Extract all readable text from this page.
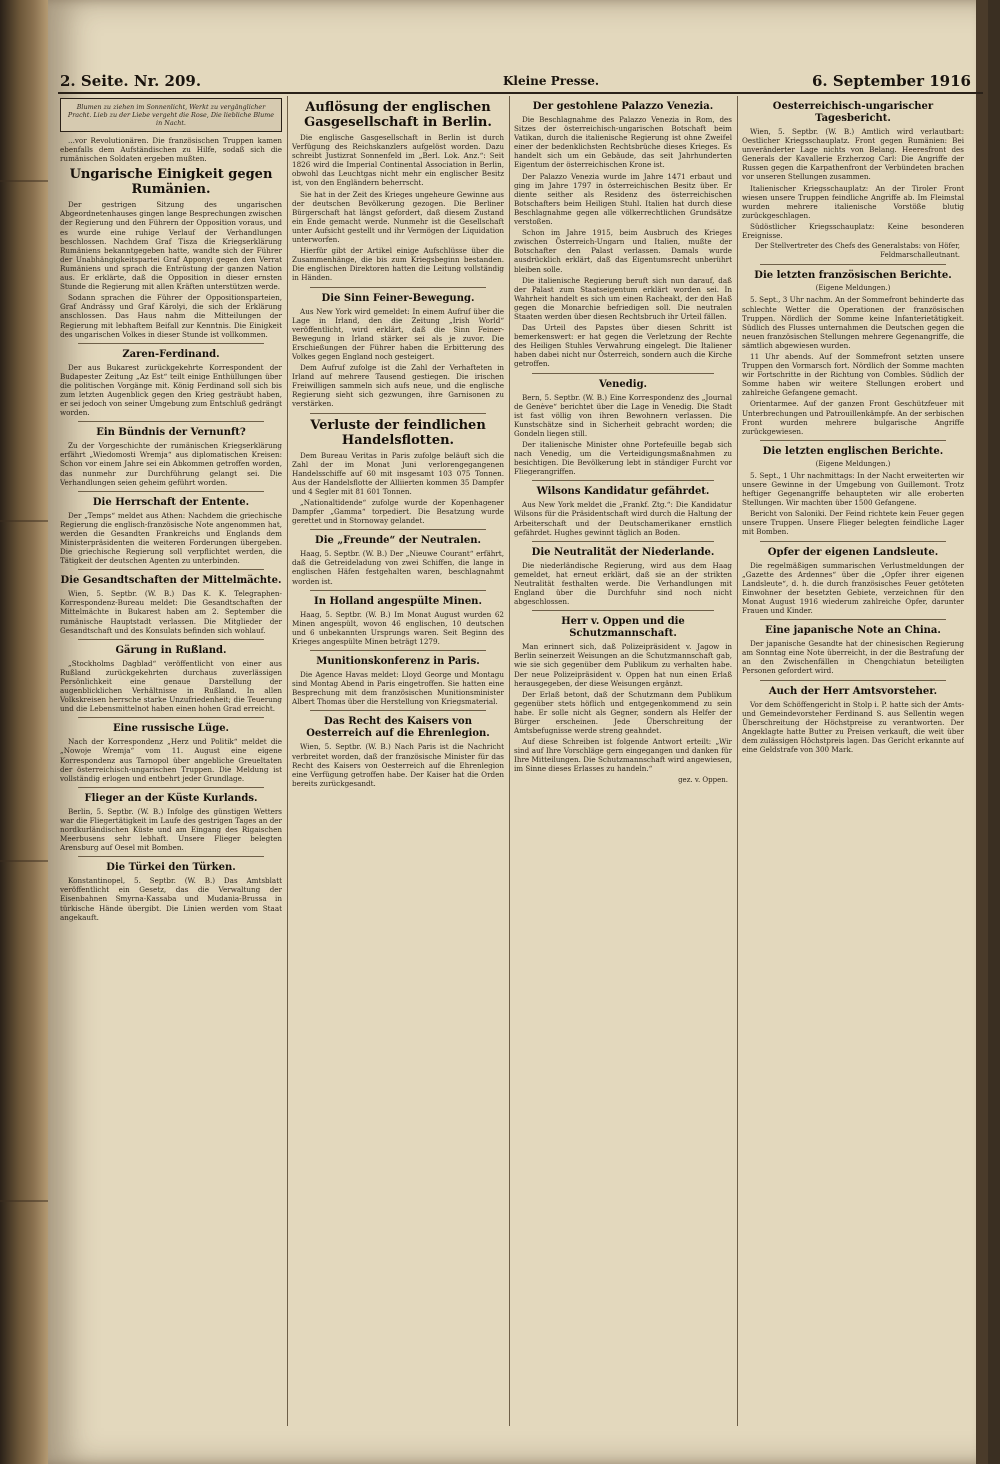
2. Seite. Nr. 209.	Kleine Presse.	6. September 1916
Blumen zu ziehen im Sonnenlicht, Werkt zu vergänglicher Pracht. Lieb zu der Liebe vergeht die Rose, Die liebliche Blume in Nacht.

...vor Revolutionären. Die französischen Truppen kamen ebenfalls dem Aufständischen zu Hilfe, sodaß sich die rumänischen Soldaten ergeben mußten.

Ungarische Einigkeit gegen Rumänien.

Der gestrigen Sitzung des ungarischen Abgeordnetenhauses gingen lange Besprechungen zwischen der Regierung und den Führern der Opposition voraus, und es wurde eine ruhige Verlauf der Verhandlungen beschlossen. Nachdem Graf Tisza die Kriegserklärung Rumäniens bekanntgegeben hatte, wandte sich der Führer der Unabhängigkeitspartei Graf Apponyi gegen den Verrat Rumäniens und sprach die Entrüstung der ganzen Nation aus. Er erklärte, daß die Opposition in dieser ernsten Stunde die Regierung mit allen Kräften unterstützen werde.

Sodann sprachen die Führer der Oppositionsparteien, Graf Andrássy und Graf Károlyi, die sich der Erklärung anschlossen. Das Haus nahm die Mitteilungen der Regierung mit lebhaftem Beifall zur Kenntnis. Die Einigkeit des ungarischen Volkes in dieser Stunde ist vollkommen.

Zaren-Ferdinand.

Der aus Bukarest zurückgekehrte Korrespondent der Budapester Zeitung „Az Est“ teilt einige Enthüllungen über die politischen Vorgänge mit. König Ferdinand soll sich bis zum letzten Augenblick gegen den Krieg gesträubt haben, er sei jedoch von seiner Umgebung zum Entschluß gedrängt worden.

Ein Bündnis der Vernunft?

Zu der Vorgeschichte der rumänischen Kriegserklärung erfährt „Wiedomosti Wremja“ aus diplomatischen Kreisen: Schon vor einem Jahre sei ein Abkommen getroffen worden, das nunmehr zur Durchführung gelangt sei. Die Verhandlungen seien geheim geführt worden.

Die Herrschaft der Entente.

Der „Temps“ meldet aus Athen: Nachdem die griechische Regierung die englisch-französische Note angenommen hat, werden die Gesandten Frankreichs und Englands dem Ministerpräsidenten die weiteren Forderungen übergeben. Die griechische Regierung soll verpflichtet werden, die Tätigkeit der deutschen Agenten zu unterbinden.

Die Gesandtschaften der Mittelmächte.

Wien, 5. Septbr. (W. B.) Das K. K. Telegraphen-Korrespondenz-Bureau meldet: Die Gesandtschaften der Mittelmächte in Bukarest haben am 2. September die rumänische Hauptstadt verlassen. Die Mitglieder der Gesandtschaft und des Konsulats befinden sich wohlauf.

Gärung in Rußland.

„Stockholms Dagblad“ veröffentlicht von einer aus Rußland zurückgekehrten durchaus zuverlässigen Persönlichkeit eine genaue Darstellung der augenblicklichen Verhältnisse in Rußland. In allen Volkskreisen herrsche starke Unzufriedenheit; die Teuerung und die Lebensmittelnot haben einen hohen Grad erreicht.

Eine russische Lüge.

Nach der Korrespondenz „Herz und Politik“ meldet die „Nowoje Wremja“ vom 11. August eine eigene Korrespondenz aus Tarnopol über angebliche Greueltaten der österreichisch-ungarischen Truppen. Die Meldung ist vollständig erlogen und entbehrt jeder Grundlage.

Flieger an der Küste Kurlands.

Berlin, 5. Septbr. (W. B.) Infolge des günstigen Wetters war die Fliegertätigkeit im Laufe des gestrigen Tages an der nordkurländischen Küste und am Eingang des Rigaischen Meerbusens sehr lebhaft. Unsere Flieger belegten Arensburg auf Oesel mit Bomben.

Die Türkei den Türken.

Konstantinopel, 5. Septbr. (W. B.) Das Amtsblatt veröffentlicht ein Gesetz, das die Verwaltung der Eisenbahnen Smyrna-Kassaba und Mudania-Brussa in türkische Hände übergibt. Die Linien werden vom Staat angekauft.

Auflösung der englischen Gasgesellschaft in Berlin.

Die englische Gasgesellschaft in Berlin ist durch Verfügung des Reichskanzlers aufgelöst worden. Dazu schreibt Justizrat Sonnenfeld im „Berl. Lok. Anz.“: Seit 1826 wird die Imperial Continental Association in Berlin, obwohl das Leuchtgas nicht mehr ein englischer Besitz ist, von den Engländern beherrscht.

Sie hat in der Zeit des Krieges ungeheure Gewinne aus der deutschen Bevölkerung gezogen. Die Berliner Bürgerschaft hat längst gefordert, daß diesem Zustand ein Ende gemacht werde. Nunmehr ist die Gesellschaft unter Aufsicht gestellt und ihr Vermögen der Liquidation unterworfen.

Hierfür gibt der Artikel einige Aufschlüsse über die Zusammenhänge, die bis zum Kriegsbeginn bestanden. Die englischen Direktoren hatten die Leitung vollständig in Händen.

Die Sinn Feiner-Bewegung.

Aus New York wird gemeldet: In einem Aufruf über die Lage in Irland, den die Zeitung „Irish World“ veröffentlicht, wird erklärt, daß die Sinn Feiner-Bewegung in Irland stärker sei als je zuvor. Die Erschießungen der Führer haben die Erbitterung des Volkes gegen England noch gesteigert.

Dem Aufruf zufolge ist die Zahl der Verhafteten in Irland auf mehrere Tausend gestiegen. Die irischen Freiwilligen sammeln sich aufs neue, und die englische Regierung sieht sich gezwungen, ihre Garnisonen zu verstärken.

Verluste der feindlichen Handelsflotten.

Dem Bureau Veritas in Paris zufolge beläuft sich die Zahl der im Monat Juni verlorengegangenen Handelsschiffe auf 60 mit insgesamt 103 075 Tonnen. Aus der Handelsflotte der Alliierten kommen 35 Dampfer und 4 Segler mit 81 601 Tonnen.

„Nationaltidende“ zufolge wurde der Kopenhagener Dampfer „Gamma“ torpediert. Die Besatzung wurde gerettet und in Stornoway gelandet.

Die „Freunde“ der Neutralen.

Haag, 5. Septbr. (W. B.) Der „Nieuwe Courant“ erfährt, daß die Getreideladung von zwei Schiffen, die lange in englischen Häfen festgehalten waren, beschlagnahmt worden ist.

In Holland angespülte Minen.

Haag, 5. Septbr. (W. B.) Im Monat August wurden 62 Minen angespült, wovon 46 englischen, 10 deutschen und 6 unbekannten Ursprungs waren. Seit Beginn des Krieges angespülte Minen beträgt 1279.

Munitionskonferenz in Paris.

Die Agence Havas meldet: Lloyd George und Montagu sind Montag Abend in Paris eingetroffen. Sie hatten eine Besprechung mit dem französischen Munitionsminister Albert Thomas über die Herstellung von Kriegsmaterial.

Das Recht des Kaisers von Oesterreich auf die Ehrenlegion.

Wien, 5. Septbr. (W. B.) Nach Paris ist die Nachricht verbreitet worden, daß der französische Minister für das Recht des Kaisers von Oesterreich auf die Ehrenlegion eine Verfügung getroffen habe. Der Kaiser hat die Orden bereits zurückgesandt.

Der gestohlene Palazzo Venezia.

Die Beschlagnahme des Palazzo Venezia in Rom, des Sitzes der österreichisch-ungarischen Botschaft beim Vatikan, durch die italienische Regierung ist ohne Zweifel einer der bedenklichsten Rechtsbrüche dieses Krieges. Es handelt sich um ein Gebäude, das seit Jahrhunderten Eigentum der österreichischen Krone ist.

Der Palazzo Venezia wurde im Jahre 1471 erbaut und ging im Jahre 1797 in österreichischen Besitz über. Er diente seither als Residenz des österreichischen Botschafters beim Heiligen Stuhl. Italien hat durch diese Beschlagnahme gegen alle völkerrechtlichen Grundsätze verstoßen.

Schon im Jahre 1915, beim Ausbruch des Krieges zwischen Österreich-Ungarn und Italien, mußte der Botschafter den Palast verlassen. Damals wurde ausdrücklich erklärt, daß das Eigentumsrecht unberührt bleiben solle.

Die italienische Regierung beruft sich nun darauf, daß der Palast zum Staatseigentum erklärt worden sei. In Wahrheit handelt es sich um einen Racheakt, der den Haß gegen die Monarchie befriedigen soll. Die neutralen Staaten werden über diesen Rechtsbruch ihr Urteil fällen.

Das Urteil des Papstes über diesen Schritt ist bemerkenswert: er hat gegen die Verletzung der Rechte des Heiligen Stuhles Verwahrung eingelegt. Die Italiener haben dabei nicht nur Österreich, sondern auch die Kirche getroffen.

Venedig.

Bern, 5. Septbr. (W. B.) Eine Korrespondenz des „Journal de Genève“ berichtet über die Lage in Venedig. Die Stadt ist fast völlig von ihren Bewohnern verlassen. Die Kunstschätze sind in Sicherheit gebracht worden; die Gondeln liegen still.

Der italienische Minister ohne Portefeuille begab sich nach Venedig, um die Verteidigungsmaßnahmen zu besichtigen. Die Bevölkerung lebt in ständiger Furcht vor Fliegerangriffen.

Wilsons Kandidatur gefährdet.

Aus New York meldet die „Frankf. Ztg.“: Die Kandidatur Wilsons für die Präsidentschaft wird durch die Haltung der Arbeiterschaft und der Deutschamerikaner ernstlich gefährdet. Hughes gewinnt täglich an Boden.

Die Neutralität der Niederlande.

Die niederländische Regierung, wird aus dem Haag gemeldet, hat erneut erklärt, daß sie an der strikten Neutralität festhalten werde. Die Verhandlungen mit England über die Durchfuhr sind noch nicht abgeschlossen.

Herr v. Oppen und die Schutzmannschaft.

Man erinnert sich, daß Polizeipräsident v. Jagow in Berlin seinerzeit Weisungen an die Schutzmannschaft gab, wie sie sich gegenüber dem Publikum zu verhalten habe. Der neue Polizeipräsident v. Oppen hat nun einen Erlaß herausgegeben, der diese Weisungen ergänzt.

Der Erlaß betont, daß der Schutzmann dem Publikum gegenüber stets höflich und entgegenkommend zu sein habe. Er solle nicht als Gegner, sondern als Helfer der Bürger erscheinen. Jede Überschreitung der Amtsbefugnisse werde streng geahndet.

Auf diese Schreiben ist folgende Antwort erteilt: „Wir sind auf Ihre Vorschläge gern eingegangen und danken für Ihre Mitteilungen. Die Schutzmannschaft wird angewiesen, im Sinne dieses Erlasses zu handeln.“

gez. v. Oppen.
Oesterreichisch-ungarischer Tagesbericht.

Wien, 5. Septbr. (W. B.) Amtlich wird verlautbart: Oestlicher Kriegsschauplatz. Front gegen Rumänien: Bei unveränderter Lage nichts von Belang. Heeresfront des Generals der Kavallerie Erzherzog Carl: Die Angriffe der Russen gegen die Karpathenfront der Verbündeten brachen vor unseren Stellungen zusammen.

Italienischer Kriegsschauplatz: An der Tiroler Front wiesen unsere Truppen feindliche Angriffe ab. Im Fleimstal wurden mehrere italienische Vorstöße blutig zurückgeschlagen.

Südöstlicher Kriegsschauplatz: Keine besonderen Ereignisse.

Der Stellvertreter des Chefs des Generalstabs: von Höfer, Feldmarschalleutnant.
Die letzten französischen Berichte.
(Eigene Meldungen.)

5. Sept., 3 Uhr nachm. An der Sommefront behinderte das schlechte Wetter die Operationen der französischen Truppen. Nördlich der Somme keine Infanterietätigkeit. Südlich des Flusses unternahmen die Deutschen gegen die neuen französischen Stellungen mehrere Gegenangriffe, die sämtlich abgewiesen wurden.

11 Uhr abends. Auf der Sommefront setzten unsere Truppen den Vormarsch fort. Nördlich der Somme machten wir Fortschritte in der Richtung von Combles. Südlich der Somme haben wir weitere Stellungen erobert und zahlreiche Gefangene gemacht.

Orientarmee. Auf der ganzen Front Geschützfeuer mit Unterbrechungen und Patrouillenkämpfe. An der serbischen Front wurden mehrere bulgarische Angriffe zurückgewiesen.

Die letzten englischen Berichte.
(Eigene Meldungen.)

5. Sept., 1 Uhr nachmittags: In der Nacht erweiterten wir unsere Gewinne in der Umgebung von Guillemont. Trotz heftiger Gegenangriffe behaupteten wir alle eroberten Stellungen. Wir machten über 1500 Gefangene.

Bericht von Saloniki. Der Feind richtete kein Feuer gegen unsere Truppen. Unsere Flieger belegten feindliche Lager mit Bomben.

Opfer der eigenen Landsleute.

Die regelmäßigen summarischen Verlustmeldungen der „Gazette des Ardennes“ über die „Opfer ihrer eigenen Landsleute“, d. h. die durch französisches Feuer getöteten Einwohner der besetzten Gebiete, verzeichnen für den Monat August 1916 wiederum zahlreiche Opfer, darunter Frauen und Kinder.

Eine japanische Note an China.

Der japanische Gesandte hat der chinesischen Regierung am Sonntag eine Note überreicht, in der die Bestrafung der an den Zwischenfällen in Chengchiatun beteiligten Personen gefordert wird.

Auch der Herr Amtsvorsteher.

Vor dem Schöffengericht in Stolp i. P. hatte sich der Amts- und Gemeindevorsteher Ferdinand S. aus Sellentin wegen Überschreitung der Höchstpreise zu verantworten. Der Angeklagte hatte Butter zu Preisen verkauft, die weit über dem zulässigen Höchstpreis lagen. Das Gericht erkannte auf eine Geldstrafe von 300 Mark.
